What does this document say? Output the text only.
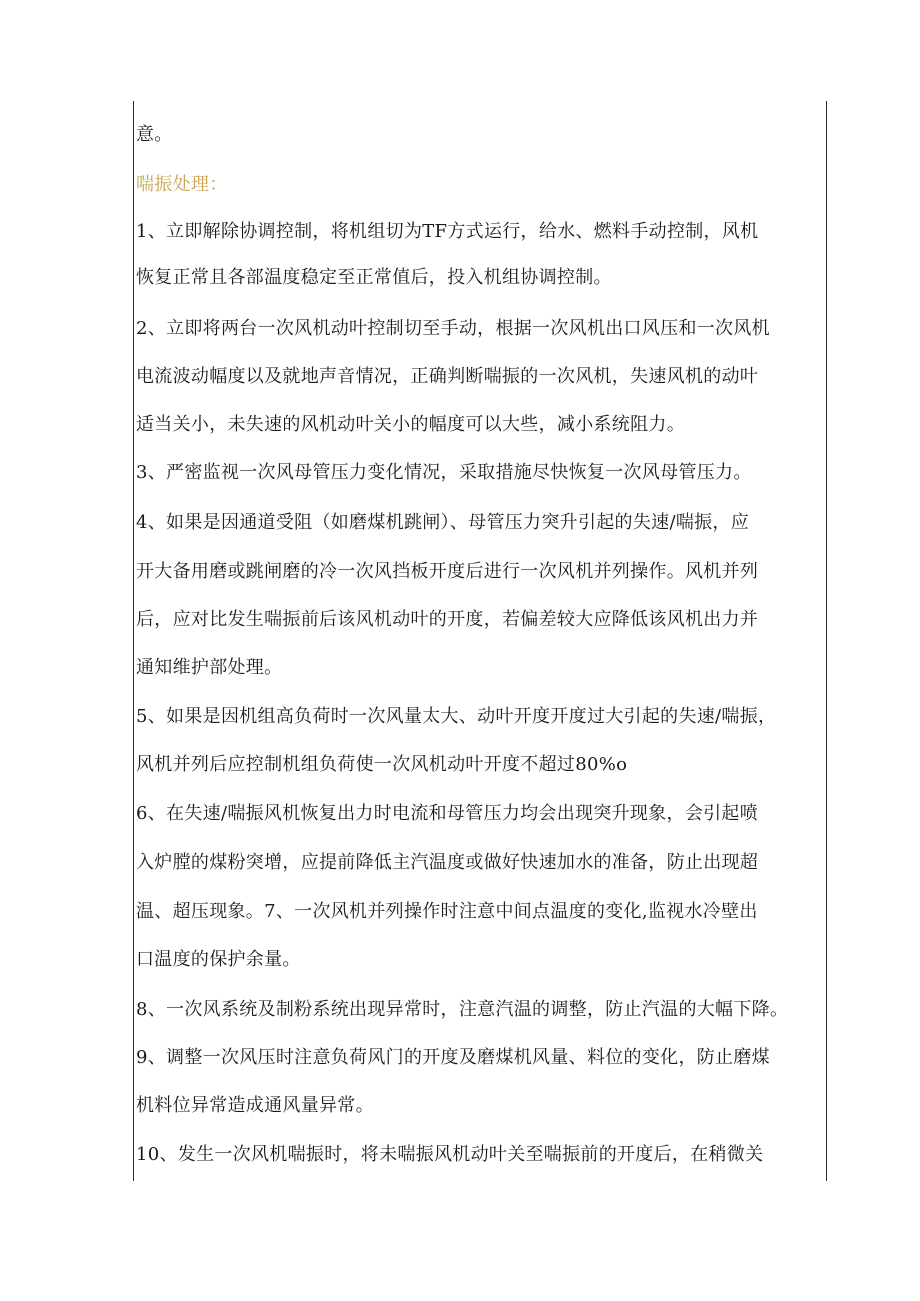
意。
喘振处理：
1、立即解除协调控制，将机组切为TF方式运行，给水、燃料手动控制，风机
恢复正常且各部温度稳定至正常值后，投入机组协调控制。
2、立即将两台一次风机动叶控制切至手动，根据一次风机出口风压和一次风机
电流波动幅度以及就地声音情况，正确判断喘振的一次风机，失速风机的动叶
适当关小，未失速的风机动叶关小的幅度可以大些，减小系统阻力。
3、严密监视一次风母管压力变化情况，采取措施尽快恢复一次风母管压力。
4、如果是因通道受阻（如磨煤机跳闸）、母管压力突升引起的失速/喘振，应
开大备用磨或跳闸磨的冷一次风挡板开度后进行一次风机并列操作。风机并列
后，应对比发生喘振前后该风机动叶的开度，若偏差较大应降低该风机出力并
通知维护部处理。
5、如果是因机组高负荷时一次风量太大、动叶开度开度过大引起的失速/喘振，
风机并列后应控制机组负荷使一次风机动叶开度不超过80%o
6、在失速/喘振风机恢复出力时电流和母管压力均会出现突升现象，会引起喷
入炉膛的煤粉突增，应提前降低主汽温度或做好快速加水的准备，防止出现超
温、超压现象。7、一次风机并列操作时注意中间点温度的变化,监视水冷壁出
口温度的保护余量。
8、一次风系统及制粉系统出现异常时，注意汽温的调整，防止汽温的大幅下降。
9、调整一次风压时注意负荷风门的开度及磨煤机风量、料位的变化，防止磨煤
机料位异常造成通风量异常。
10、发生一次风机喘振时，将未喘振风机动叶关至喘振前的开度后，在稍微关
